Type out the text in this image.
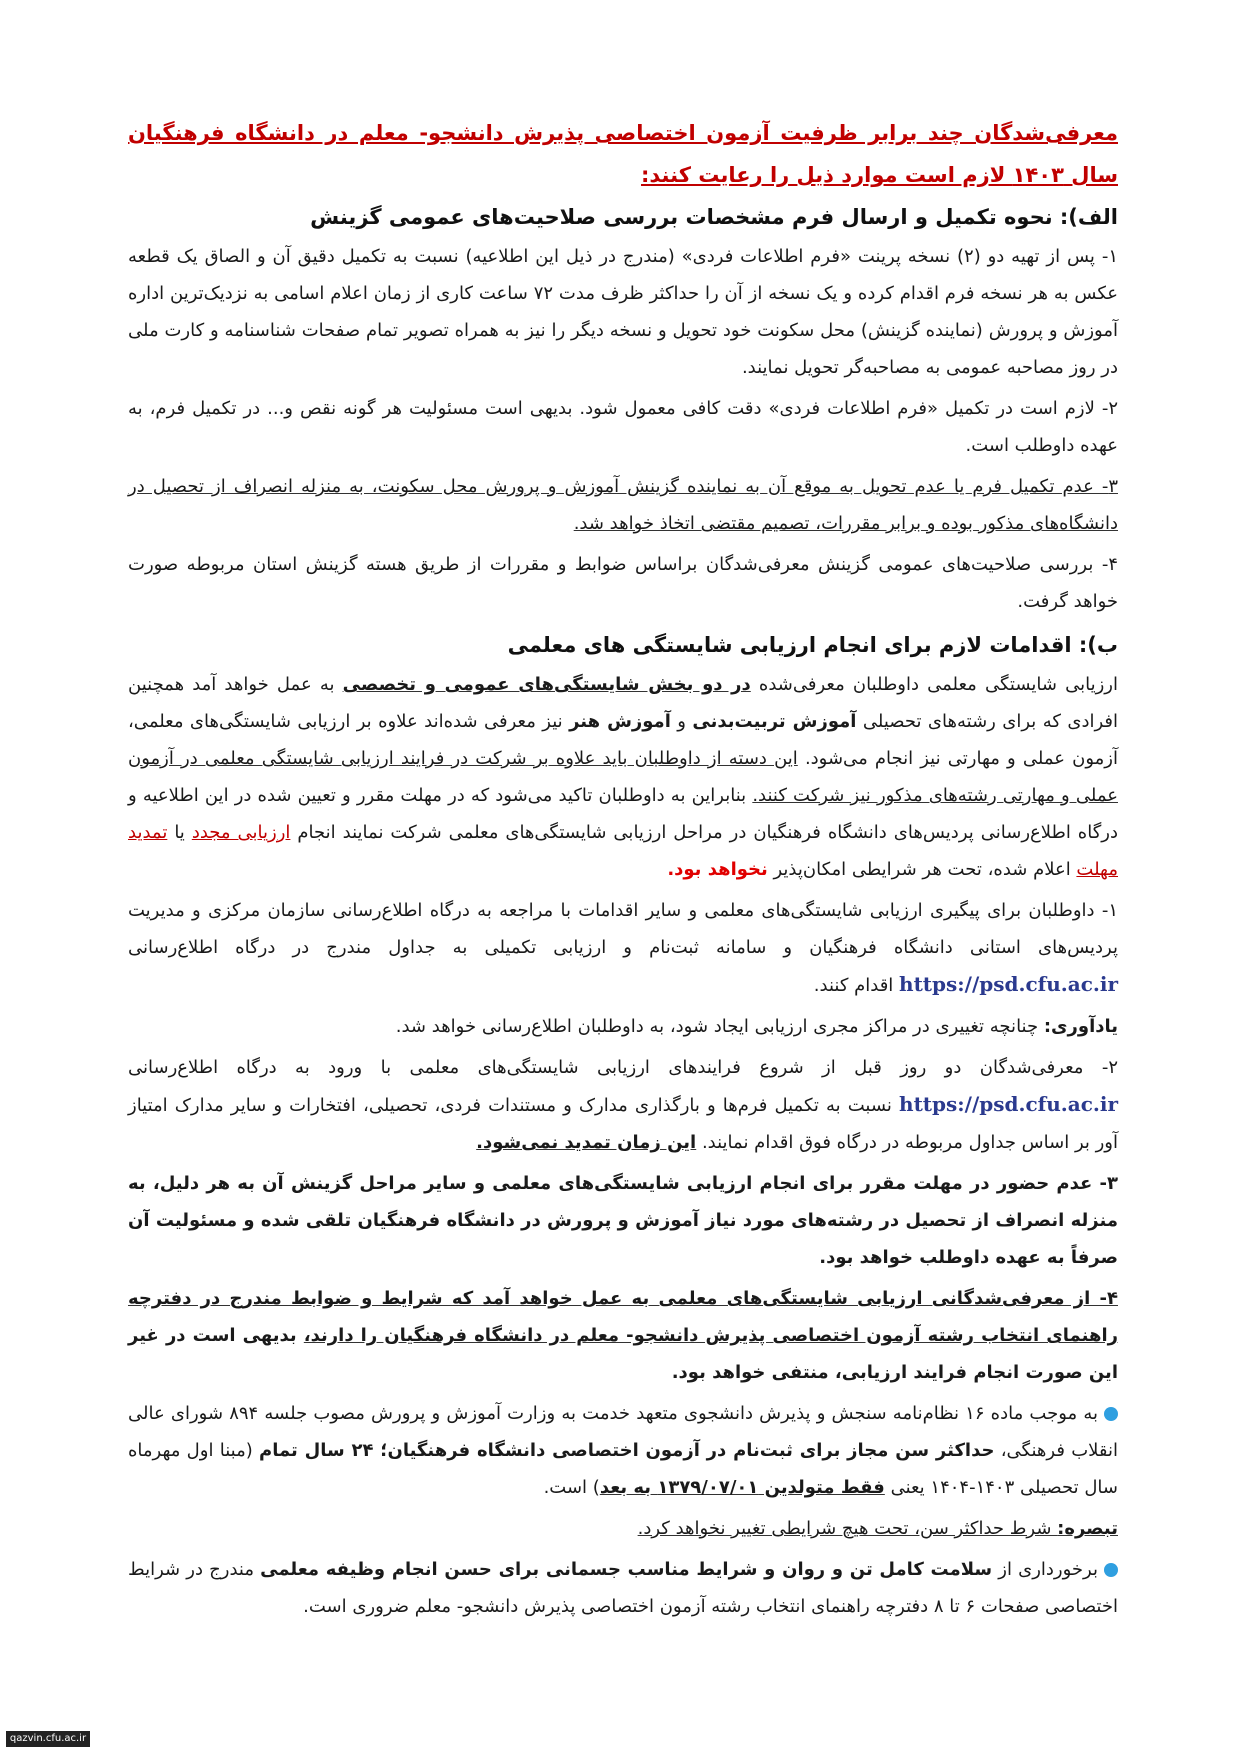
معرفی‌شدگان چند برابر ظرفیت آزمون اختصاصی پذیرش دانشجو- معلم در دانشگاه فرهنگیان سال ۱۴۰۳ لازم است موارد ذیل را رعایت کنند:
الف): نحوه تکمیل و ارسال فرم مشخصات بررسی صلاحیت‌های عمومی گزینش

۱- پس از تهیه دو (۲) نسخه پرینت «فرم اطلاعات فردی» (مندرج در ذیل این اطلاعیه) نسبت به تکمیل دقیق آن و الصاق یک قطعه عکس به هر نسخه فرم اقدام کرده و یک نسخه از آن را حداکثر ظرف مدت ۷۲ ساعت کاری از زمان اعلام اسامی به نزدیک‌ترین اداره آموزش و پرورش (نماینده گزینش) محل سکونت خود تحویل و نسخه دیگر را نیز به همراه تصویر تمام صفحات شناسنامه و کارت ملی در روز مصاحبه عمومی به مصاحبه‌گر تحویل نمایند.

۲- لازم است در تکمیل «فرم اطلاعات فردی» دقت کافی معمول شود. بدیهی است مسئولیت هر گونه نقص و... در تکمیل فرم، به عهده داوطلب است.

۳- عدم تکمیل فرم یا عدم تحویل به موقع آن به نماینده گزینش آموزش و پرورش محل سکونت، به منزله انصراف از تحصیل در دانشگاه‌های مذکور بوده و برابر مقررات، تصمیم مقتضی اتخاذ خواهد شد.

۴- بررسی صلاحیت‌های عمومی گزینش معرفی‌شدگان براساس ضوابط و مقررات از طریق هسته گزینش استان مربوطه صورت خواهد گرفت.

ب): اقدامات لازم برای انجام ارزیابی شایستگی های معلمی

ارزیابی شایستگی معلمی داوطلبان معرفی‌شده در دو بخش شایستگی‌های عمومی و تخصصی به عمل خواهد آمد همچنین افرادی که برای رشته‌های تحصیلی آموزش تربیت‌بدنی و آموزش هنر نیز معرفی شده‌اند علاوه بر ارزیابی شایستگی‌های معلمی، آزمون عملی و مهارتی نیز انجام می‌شود. این دسته از داوطلبان باید علاوه بر شرکت در فرایند ارزیابی شایستگی معلمی در آزمون عملی و مهارتی رشته‌های مذکور نیز شرکت کنند. بنابراین به داوطلبان تاکید می‌شود که در مهلت مقرر و تعیین شده در این اطلاعیه و درگاه اطلاع‌رسانی پردیس‌های دانشگاه فرهنگیان در مراحل ارزیابی شایستگی‌های معلمی شرکت نمایند انجام ارزیابی مجدد یا تمدید مهلت اعلام شده، تحت هر شرایطی امکان‌پذیر نخواهد بود.

۱- داوطلبان برای پیگیری ارزیابی شایستگی‌های معلمی و سایر اقدامات با مراجعه به درگاه اطلاع‌رسانی سازمان مرکزی و مدیریت پردیس‌های استانی دانشگاه فرهنگیان و سامانه ثبت‌نام و ارزیابی تکمیلی به جداول مندرج در درگاه اطلاع‌رسانی https://psd.cfu.ac.ir اقدام کنند.

یادآوری: چنانچه تغییری در مراکز مجری ارزیابی ایجاد شود، به داوطلبان اطلاع‌رسانی خواهد شد.

۲- معرفی‌شدگان دو روز قبل از شروع فرایندهای ارزیابی شایستگی‌های معلمی با ورود به درگاه اطلاع‌رسانی https://psd.cfu.ac.ir نسبت به تکمیل فرم‌ها و بارگذاری مدارک و مستندات فردی، تحصیلی، افتخارات و سایر مدارک امتیاز آور بر اساس جداول مربوطه در درگاه فوق اقدام نمایند. این زمان تمدید نمی‌شود.

۳- عدم حضور در مهلت مقرر برای انجام ارزیابی شایستگی‌های معلمی و سایر مراحل گزینش آن به هر دلیل، به منزله انصراف از تحصیل در رشته‌های مورد نیاز آموزش و پرورش در دانشگاه فرهنگیان تلقی شده و مسئولیت آن صرفاً به عهده داوطلب خواهد بود.

۴- از معرفی‌شدگانی ارزیابی شایستگی‌های معلمی به عمل خواهد آمد که شرایط و ضوابط مندرج در دفترچه راهنمای انتخاب رشته آزمون اختصاصی پذیرش دانشجو- معلم در دانشگاه فرهنگیان را دارند، بدیهی است در غیر این صورت انجام فرایند ارزیابی، منتفی خواهد بود.

به موجب ماده ۱۶ نظام‌نامه سنجش و پذیرش دانشجوی متعهد خدمت به وزارت آموزش و پرورش مصوب جلسه ۸۹۴ شورای عالی انقلاب فرهنگی، حداکثر سن مجاز برای ثبت‌نام در آزمون اختصاصی دانشگاه فرهنگیان؛ ۲۴ سال تمام (مبنا اول مهرماه سال تحصیلی ۱۴۰۳-۱۴۰۴ یعنی فقط متولدین ۱۳۷۹/۰۷/۰۱ به بعد) است.

تبصره: شرط حداکثر سن، تحت هیچ شرایطی تغییر نخواهد کرد.

برخورداری از سلامت کامل تن و روان و شرایط مناسب جسمانی برای حسن انجام وظیفه معلمی مندرج در شرایط اختصاصی صفحات ۶ تا ۸ دفترچه راهنمای انتخاب رشته آزمون اختصاصی پذیرش دانشجو- معلم ضروری است.

qazvin.cfu.ac.ir
